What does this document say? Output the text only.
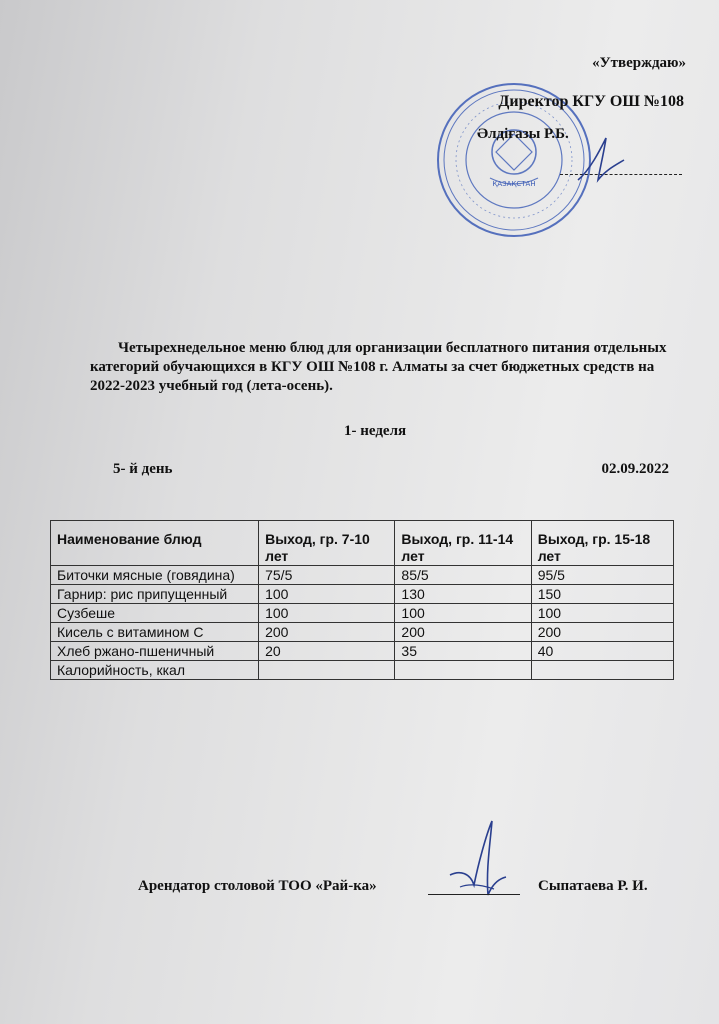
ҚАЗАҚСТАН
«Утверждаю»
Директор КГУ ОШ №108
Әлдіғазы Р.Б.
Четырехнедельное меню блюд для организации бесплатного питания отдельных категорий обучающихся в КГУ ОШ №108 г. Алматы за счет бюджетных средств на 2022-2023 учебный год (лета-осень).
1- неделя
5- й день	02.09.2022
Наименование блюд	Выход, гр. 7-10 лет	Выход, гр. 11-14 лет	Выход, гр. 15-18 лет
Биточки мясные (говядина)	75/5	85/5	95/5
Гарнир: рис припущенный	100	130	150
Сузбеше	100	100	100
Кисель с витамином С	200	200	200
Хлеб ржано-пшеничный	20	35	40
Калорийность, ккал			
Арендатор столовой ТОО «Рай-ка»	Сыпатаева Р. И.
